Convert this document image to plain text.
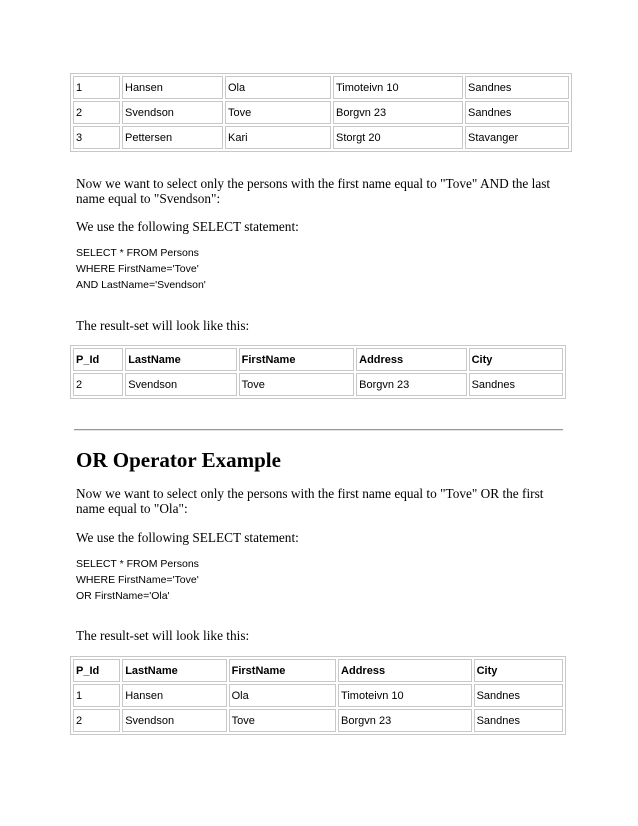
1	Hansen	Ola	Timoteivn 10	Sandnes
2	Svendson	Tove	Borgvn 23	Sandnes
3	Pettersen	Kari	Storgt 20	Stavanger

Now we want to select only the persons with the first name equal to "Tove" AND the last name equal to "Svendson":

We use the following SELECT statement:

SELECT * FROM Persons
WHERE FirstName='Tove'
AND LastName='Svendson'

The result-set will look like this:

P_Id	LastName	FirstName	Address	City
2	Svendson	Tove	Borgvn 23	Sandnes
OR Operator Example

Now we want to select only the persons with the first name equal to "Tove" OR the first name equal to "Ola":

We use the following SELECT statement:

SELECT * FROM Persons
WHERE FirstName='Tove'
OR FirstName='Ola'

The result-set will look like this:

P_Id	LastName	FirstName	Address	City
1	Hansen	Ola	Timoteivn 10	Sandnes
2	Svendson	Tove	Borgvn 23	Sandnes
